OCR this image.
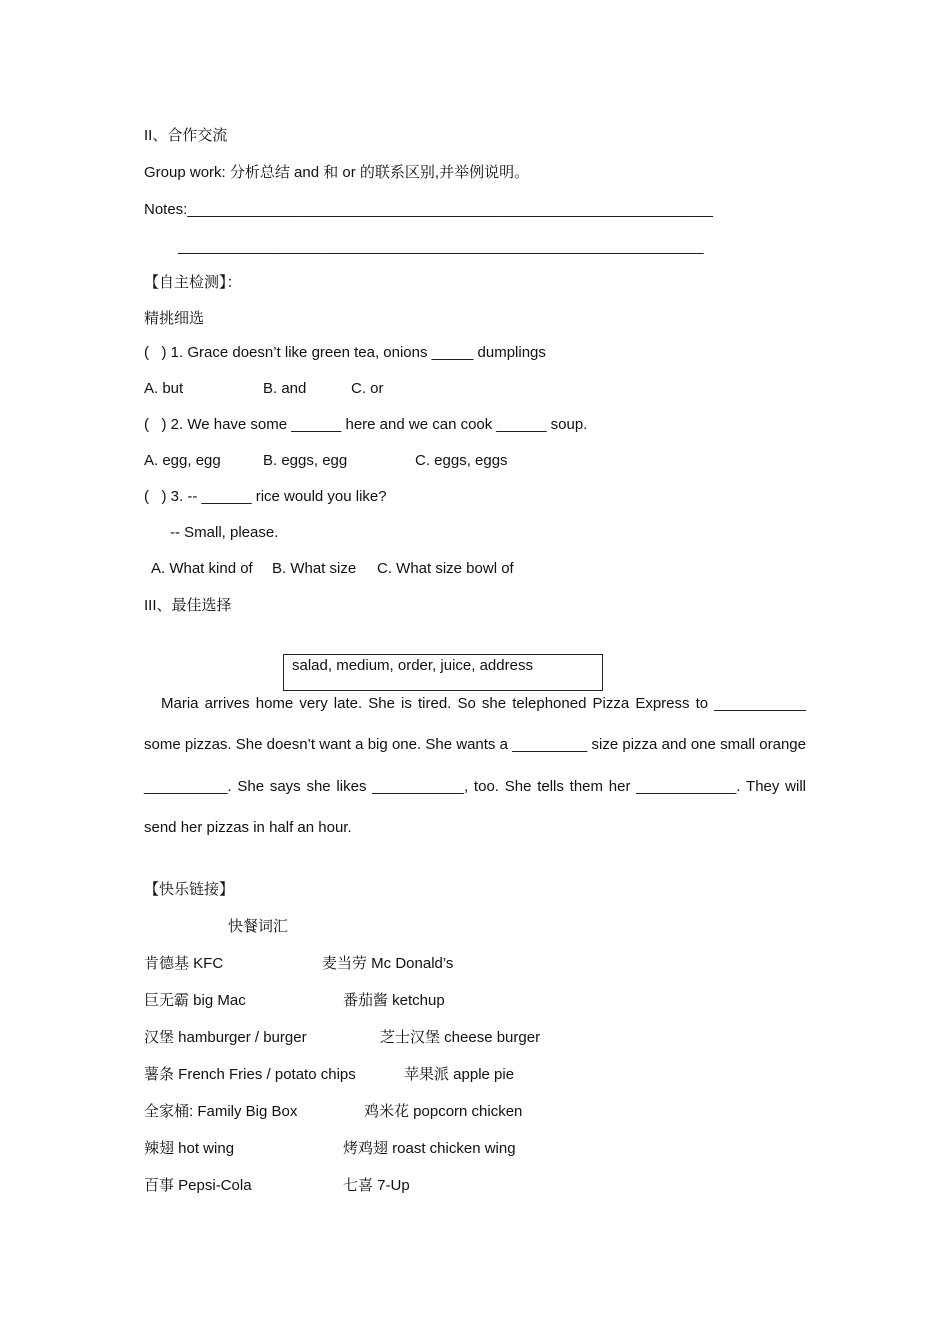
II、合作交流
Group work: 分析总结 and 和 or 的联系区别,并举例说明。
Notes:_______________________________________________________________
_______________________________________________________________
【自主检测】：
精挑细选
(   ) 1. Grace doesn’t like green tea, onions _____ dumplings
A. but	B. and	C. or
(   ) 2. We have some ______ here and we can cook ______ soup.
A. egg, egg	B. eggs, egg	C. eggs, eggs
(   ) 3. -- ______ rice would you like?
-- Small, please.
A. What kind of B. What size C. What size bowl of
III、最佳选择
salad, medium, order, juice, address
Maria arrives home very late. She is tired. So she telephoned Pizza Express to ___________
some pizzas. She doesn’t want a big one. She wants a _________ size pizza and one small orange
__________. She says she likes ___________, too. She tells them her ____________. They will
send her pizzas in half an hour.
【快乐链接】
快餐词汇
肯德基 KFC	麦当劳 Mc Donald’s
巨无霸 big Mac	番茄酱 ketchup
汉堡 hamburger / burger	芝士汉堡 cheese burger
薯条 French Fries / potato chips	苹果派 apple pie
全家桶: Family Big Box	鸡米花 popcorn chicken
辣翅 hot wing	烤鸡翅 roast chicken wing
百事 Pepsi-Cola	七喜 7-Up
